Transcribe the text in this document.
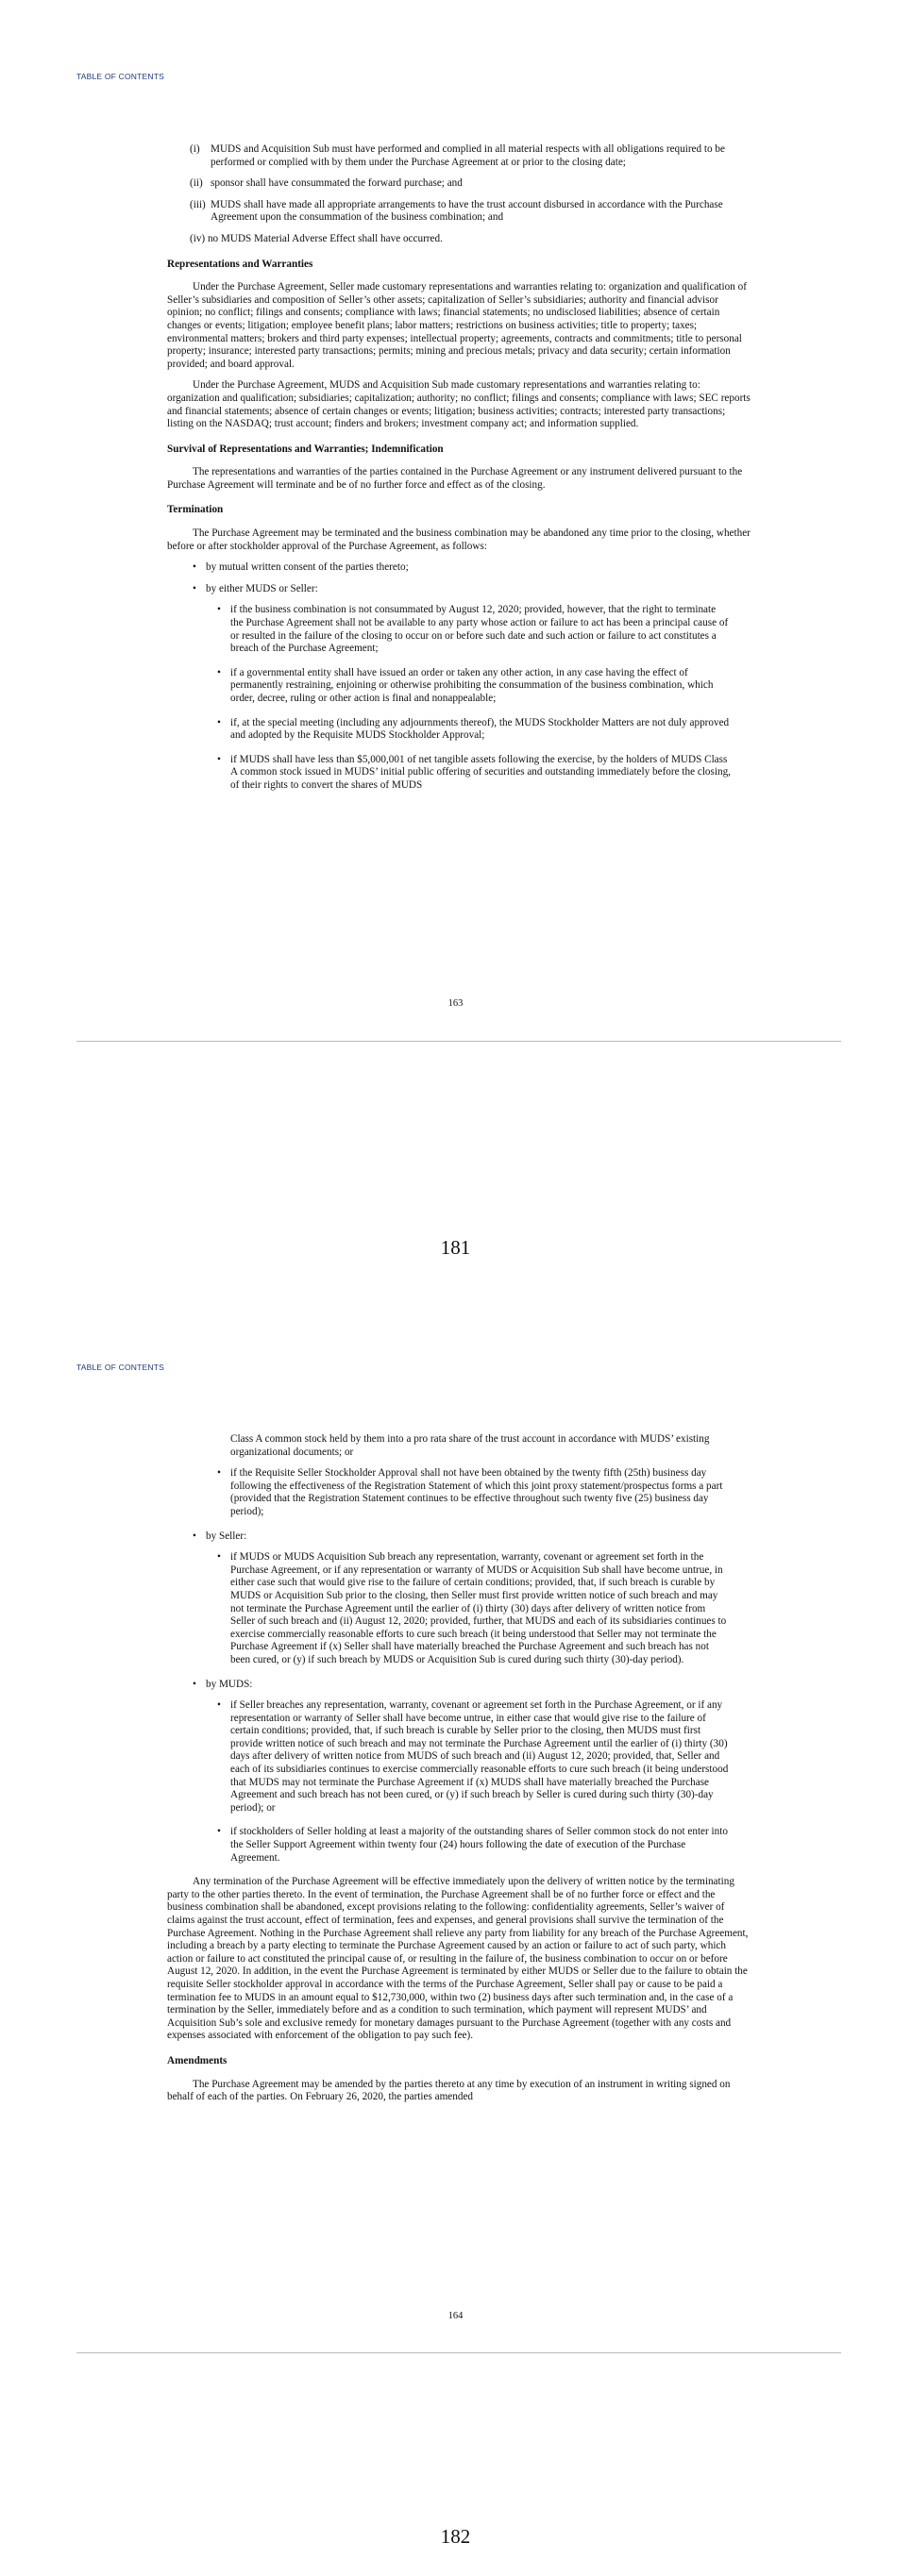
TABLE OF CONTENTS
(i)	MUDS and Acquisition Sub must have performed and complied in all material respects with all obligations required to be performed or complied with by them under the Purchase Agreement at or prior to the closing date;
(ii) sponsor shall have consummated the forward purchase; and
(iii) MUDS shall have made all appropriate arrangements to have the trust account disbursed in accordance with the Purchase Agreement upon the consummation of the business combination; and
(iv) no MUDS Material Adverse Effect shall have occurred.

Representations and Warranties

Under the Purchase Agreement, Seller made customary representations and warranties relating to: organization and qualification of Seller’s subsidiaries and composition of Seller’s other assets; capitalization of Seller’s subsidiaries; authority and financial advisor opinion; no conflict; filings and consents; compliance with laws; financial statements; no undisclosed liabilities; absence of certain changes or events; litigation; employee benefit plans; labor matters; restrictions on business activities; title to property; taxes; environmental matters; brokers and third party expenses; intellectual property; agreements, contracts and commitments; title to personal property; insurance; interested party transactions; permits; mining and precious metals; privacy and data security; certain information provided; and board approval.

Under the Purchase Agreement, MUDS and Acquisition Sub made customary representations and warranties relating to: organization and qualification; subsidiaries; capitalization; authority; no conflict; filings and consents; compliance with laws; SEC reports and financial statements; absence of certain changes or events; litigation; business activities; contracts; interested party transactions; listing on the NASDAQ; trust account; finders and brokers; investment company act; and information supplied.

Survival of Representations and Warranties; Indemnification

The representations and warranties of the parties contained in the Purchase Agreement or any instrument delivered pursuant to the Purchase Agreement will terminate and be of no further force and effect as of the closing.

Termination

The Purchase Agreement may be terminated and the business combination may be abandoned any time prior to the closing, whether before or after stockholder approval of the Purchase Agreement, as follows:

• by mutual written consent of the parties thereto;
• by either MUDS or Seller:
• if the business combination is not consummated by August 12, 2020; provided, however, that the right to terminate the Purchase Agreement shall not be available to any party whose action or failure to act has been a principal cause of or resulted in the failure of the closing to occur on or before such date and such action or failure to act constitutes a breach of the Purchase Agreement;
• if a governmental entity shall have issued an order or taken any other action, in any case having the effect of permanently restraining, enjoining or otherwise prohibiting the consummation of the business combination, which order, decree, ruling or other action is final and nonappealable;
• if, at the special meeting (including any adjournments thereof), the MUDS Stockholder Matters are not duly approved and adopted by the Requisite MUDS Stockholder Approval;
• if MUDS shall have less than $5,000,001 of net tangible assets following the exercise, by the holders of MUDS Class A common stock issued in MUDS’ initial public offering of securities and outstanding immediately before the closing, of their rights to convert the shares of MUDS
163
181
TABLE OF CONTENTS

Class A common stock held by them into a pro rata share of the trust account in accordance with MUDS’ existing organizational documents; or

• if the Requisite Seller Stockholder Approval shall not have been obtained by the twenty fifth (25th) business day following the effectiveness of the Registration Statement of which this joint proxy statement/prospectus forms a part (provided that the Registration Statement continues to be effective throughout such twenty five (25) business day period);
• by Seller:
• if MUDS or MUDS Acquisition Sub breach any representation, warranty, covenant or agreement set forth in the Purchase Agreement, or if any representation or warranty of MUDS or Acquisition Sub shall have become untrue, in either case such that would give rise to the failure of certain conditions; provided, that, if such breach is curable by MUDS or Acquisition Sub prior to the closing, then Seller must first provide written notice of such breach and may not terminate the Purchase Agreement until the earlier of (i) thirty (30) days after delivery of written notice from Seller of such breach and (ii) August 12, 2020; provided, further, that MUDS and each of its subsidiaries continues to exercise commercially reasonable efforts to cure such breach (it being understood that Seller may not terminate the Purchase Agreement if (x) Seller shall have materially breached the Purchase Agreement and such breach has not been cured, or (y) if such breach by MUDS or Acquisition Sub is cured during such thirty (30)-day period).
• by MUDS:
• if Seller breaches any representation, warranty, covenant or agreement set forth in the Purchase Agreement, or if any representation or warranty of Seller shall have become untrue, in either case that would give rise to the failure of certain conditions; provided, that, if such breach is curable by Seller prior to the closing, then MUDS must first provide written notice of such breach and may not terminate the Purchase Agreement until the earlier of (i) thirty (30) days after delivery of written notice from MUDS of such breach and (ii) August 12, 2020; provided, that, Seller and each of its subsidiaries continues to exercise commercially reasonable efforts to cure such breach (it being understood that MUDS may not terminate the Purchase Agreement if (x) MUDS shall have materially breached the Purchase Agreement and such breach has not been cured, or (y) if such breach by Seller is cured during such thirty (30)-day period); or
• if stockholders of Seller holding at least a majority of the outstanding shares of Seller common stock do not enter into the Seller Support Agreement within twenty four (24) hours following the date of execution of the Purchase Agreement.

Any termination of the Purchase Agreement will be effective immediately upon the delivery of written notice by the terminating party to the other parties thereto. In the event of termination, the Purchase Agreement shall be of no further force or effect and the business combination shall be abandoned, except provisions relating to the following: confidentiality agreements, Seller’s waiver of claims against the trust account, effect of termination, fees and expenses, and general provisions shall survive the termination of the Purchase Agreement. Nothing in the Purchase Agreement shall relieve any party from liability for any breach of the Purchase Agreement, including a breach by a party electing to terminate the Purchase Agreement caused by an action or failure to act of such party, which action or failure to act constituted the principal cause of, or resulting in the failure of, the business combination to occur on or before August 12, 2020. In addition, in the event the Purchase Agreement is terminated by either MUDS or Seller due to the failure to obtain the requisite Seller stockholder approval in accordance with the terms of the Purchase Agreement, Seller shall pay or cause to be paid a termination fee to MUDS in an amount equal to $12,730,000, within two (2) business days after such termination and, in the case of a termination by the Seller, immediately before and as a condition to such termination, which payment will represent MUDS’ and Acquisition Sub’s sole and exclusive remedy for monetary damages pursuant to the Purchase Agreement (together with any costs and expenses associated with enforcement of the obligation to pay such fee).

Amendments

The Purchase Agreement may be amended by the parties thereto at any time by execution of an instrument in writing signed on behalf of each of the parties. On February 26, 2020, the parties amended

164
182
